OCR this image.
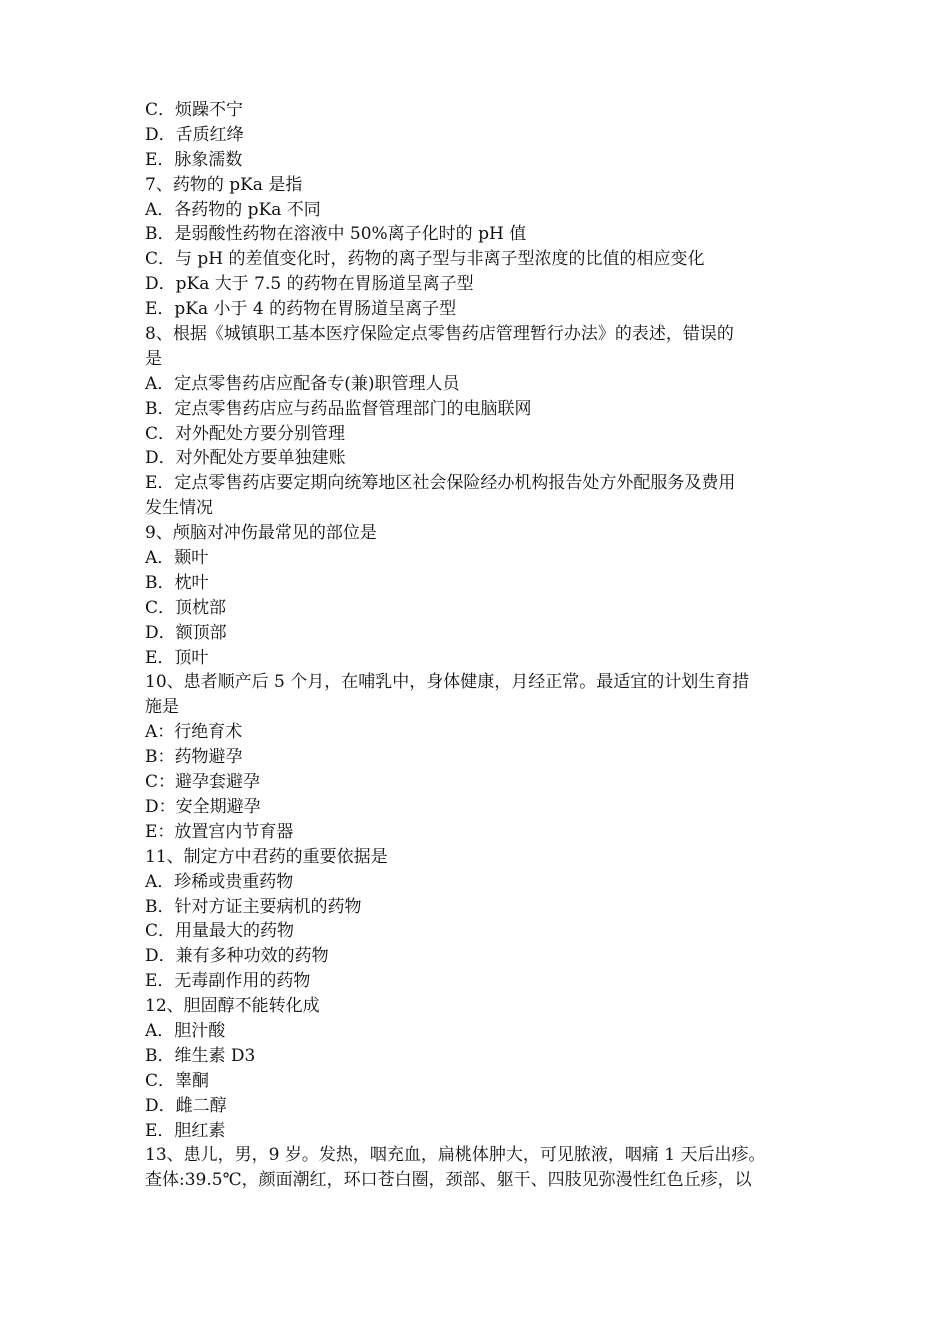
C．烦躁不宁
D．舌质红绛
E．脉象濡数
7、药物的 pKa 是指
A．各药物的 pKa 不同
B．是弱酸性药物在溶液中 50%离子化时的 pH 值
C．与 pH 的差值变化时，药物的离子型与非离子型浓度的比值的相应变化
D．pKa 大于 7.5 的药物在胃肠道呈离子型
E．pKa 小于 4 的药物在胃肠道呈离子型
8、根据《城镇职工基本医疗保险定点零售药店管理暂行办法》的表述，错误的
是
A．定点零售药店应配备专(兼)职管理人员
B．定点零售药店应与药品监督管理部门的电脑联网
C．对外配处方要分别管理
D．对外配处方要单独建账
E．定点零售药店要定期向统筹地区社会保险经办机构报告处方外配服务及费用
发生情况
9、颅脑对冲伤最常见的部位是
A．颞叶
B．枕叶
C．顶枕部
D．额顶部
E．顶叶
10、患者顺产后 5 个月，在哺乳中，身体健康，月经正常。最适宜的计划生育措
施是
A：行绝育术
B：药物避孕
C：避孕套避孕
D：安全期避孕
E：放置宫内节育器
11、制定方中君药的重要依据是
A．珍稀或贵重药物
B．针对方证主要病机的药物
C．用量最大的药物
D．兼有多种功效的药物
E．无毒副作用的药物
12、胆固醇不能转化成
A．胆汁酸
B．维生素 D3
C．睾酮
D．雌二醇
E．胆红素
13、患儿，男，9 岁。发热，咽充血，扁桃体肿大，可见脓液，咽痛 1 天后出疹。
查体:39.5℃，颜面潮红，环口苍白圈，颈部、躯干、四肢见弥漫性红色丘疹，以
